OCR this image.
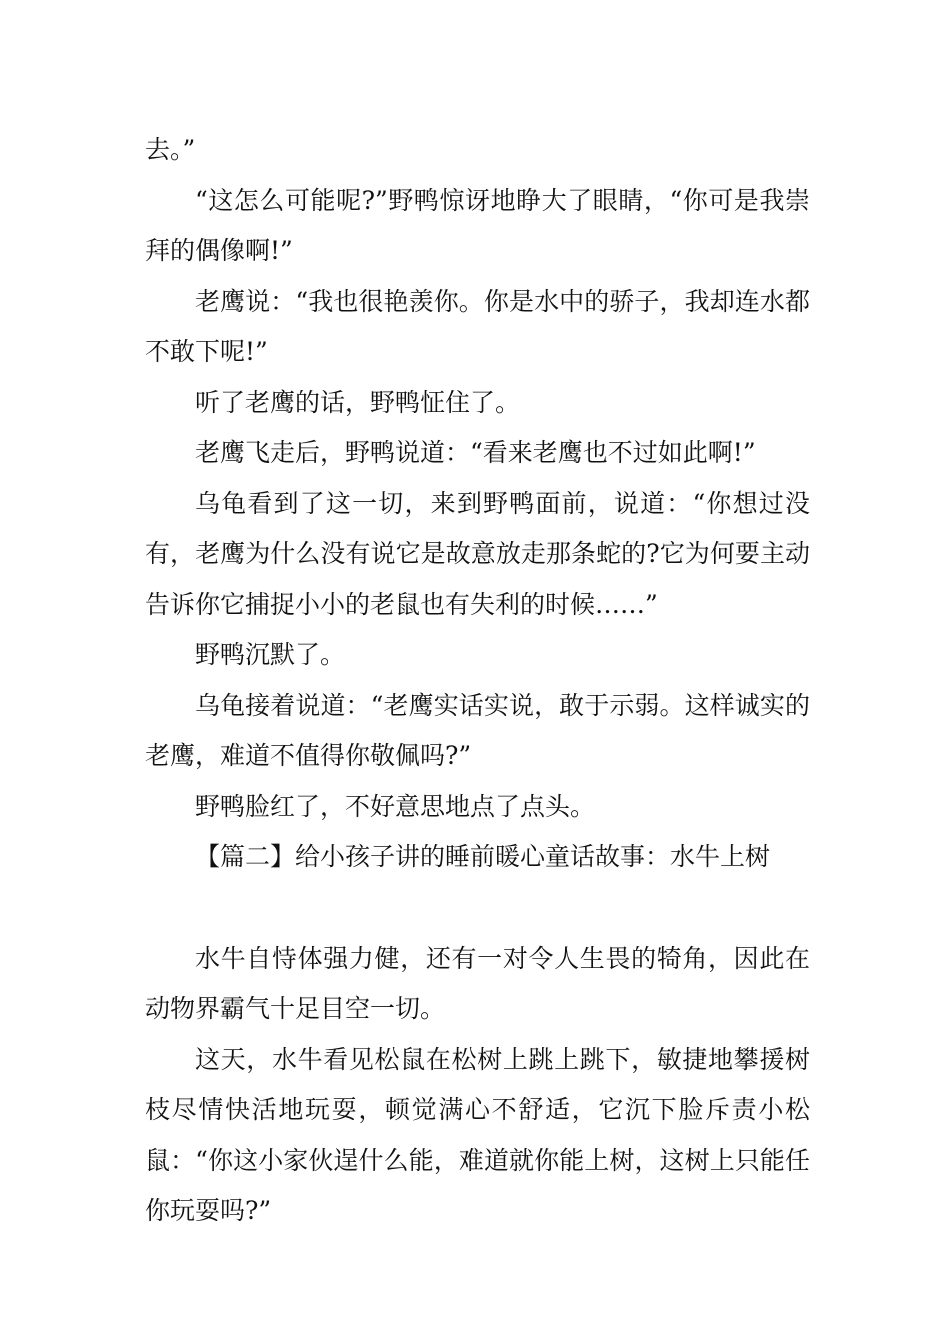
去。”

“这怎么可能呢?”野鸭惊讶地睁大了眼睛，“你可是我崇拜的偶像啊!”

老鹰说：“我也很艳羡你。你是水中的骄子，我却连水都不敢下呢!”

听了老鹰的话，野鸭怔住了。

老鹰飞走后，野鸭说道：“看来老鹰也不过如此啊!”

乌龟看到了这一切，来到野鸭面前，说道：“你想过没有，老鹰为什么没有说它是故意放走那条蛇的?它为何要主动告诉你它捕捉小小的老鼠也有失利的时候……”

野鸭沉默了。

乌龟接着说道：“老鹰实话实说，敢于示弱。这样诚实的老鹰，难道不值得你敬佩吗?”

野鸭脸红了，不好意思地点了点头。

【篇二】给小孩子讲的睡前暖心童话故事：水牛上树

水牛自恃体强力健，还有一对令人生畏的犄角，因此在动物界霸气十足目空一切。

这天，水牛看见松鼠在松树上跳上跳下，敏捷地攀援树枝尽情快活地玩耍，顿觉满心不舒适，它沉下脸斥责小松鼠：“你这小家伙逞什么能，难道就你能上树，这树上只能任你玩耍吗?”
